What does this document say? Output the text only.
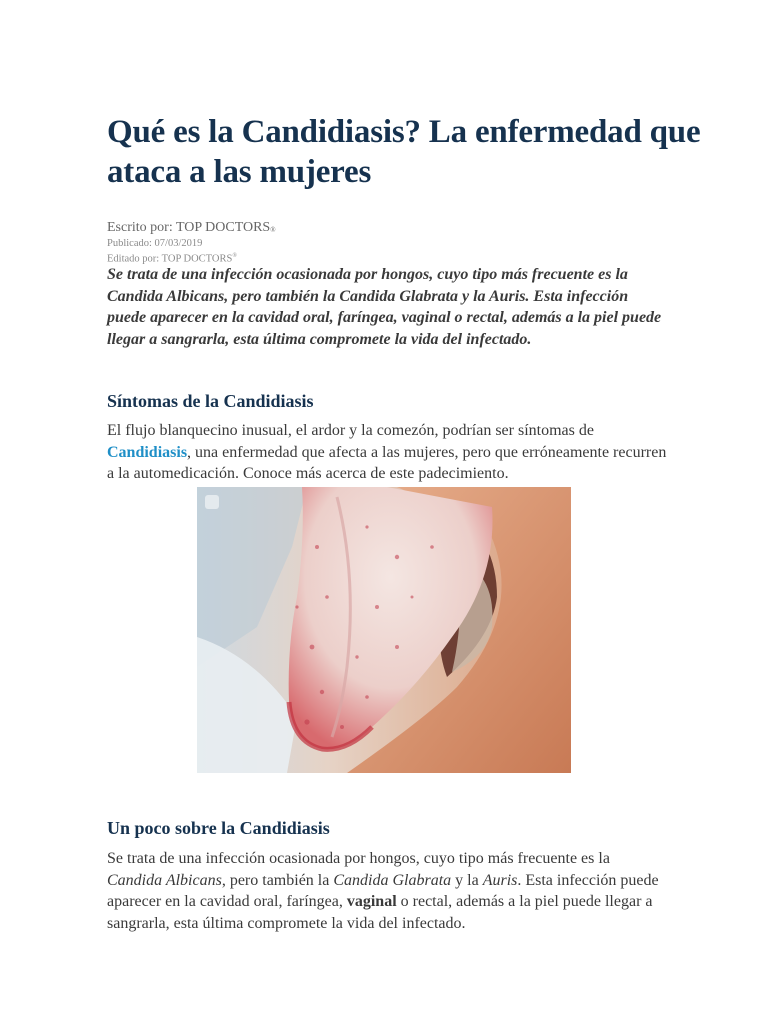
Qué es la Candidiasis? La enfermedad que ataca a las mujeres
Escrito por: TOP DOCTORS®
Publicado: 07/03/2019
Editado por: TOP DOCTORS®

Se trata de una infección ocasionada por hongos, cuyo tipo más frecuente es la Candida Albicans, pero también la Candida Glabrata y la Auris. Esta infección puede aparecer en la cavidad oral, faríngea, vaginal o rectal, además a la piel puede llegar a sangrarla, esta última compromete la vida del infectado.

Síntomas de la Candidiasis

El flujo blanquecino inusual, el ardor y la comezón, podrían ser síntomas de Candidiasis, una enfermedad que afecta a las mujeres, pero que erróneamente recurren a la automedicación. Conoce más acerca de este padecimiento.

Un poco sobre la Candidiasis

Se trata de una infección ocasionada por hongos, cuyo tipo más frecuente es la Candida Albicans, pero también la Candida Glabrata y la Auris. Esta infección puede aparecer en la cavidad oral, faríngea, vaginal o rectal, además a la piel puede llegar a sangrarla, esta última compromete la vida del infectado.
